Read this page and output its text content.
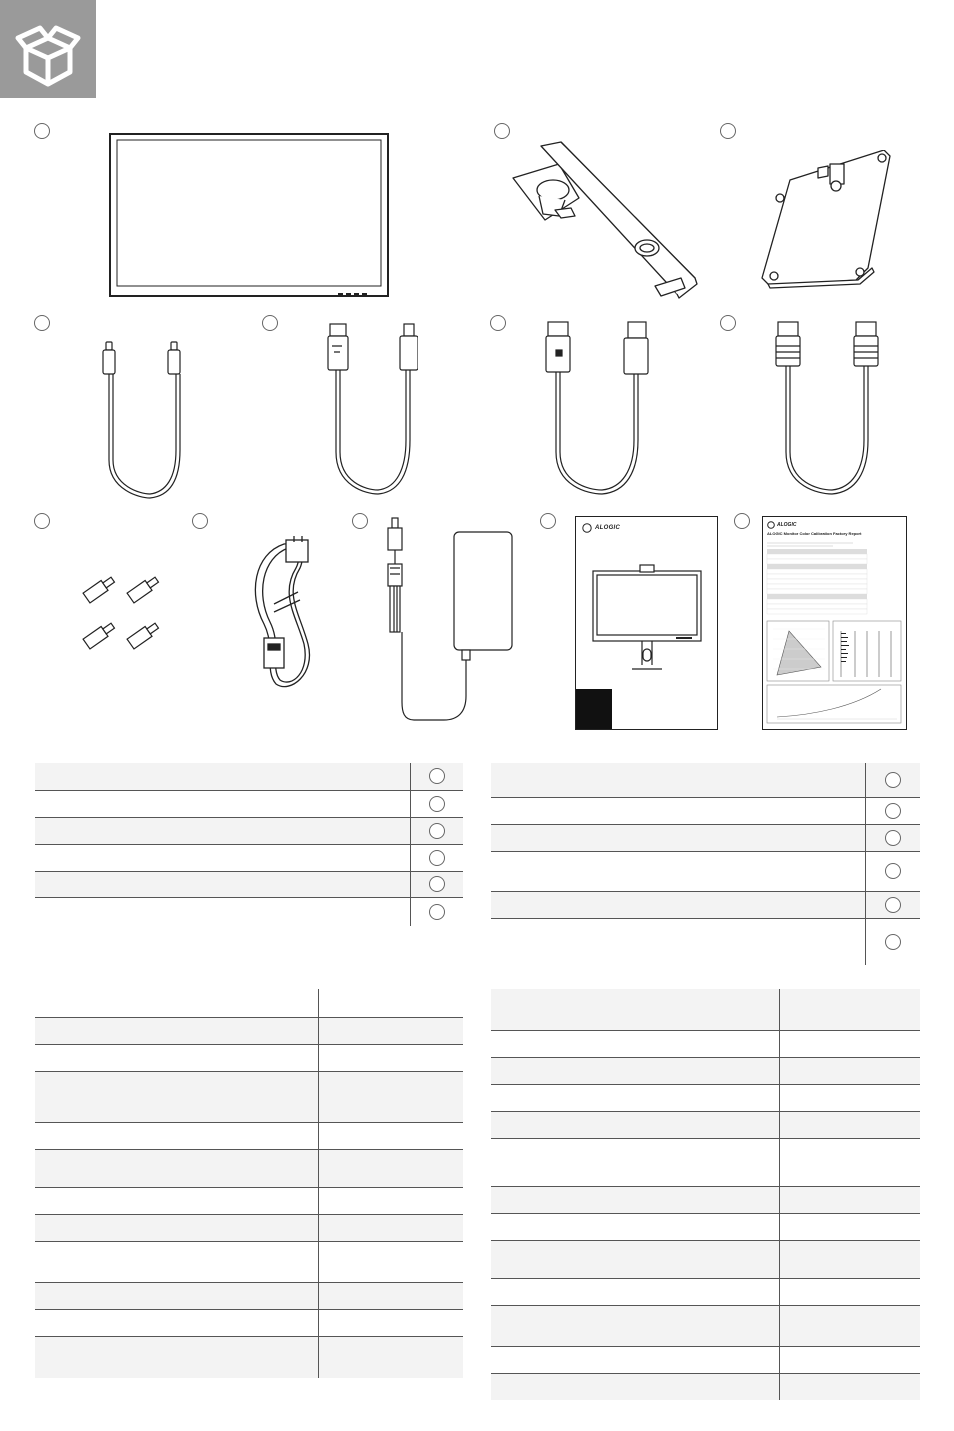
ALOGIC	ALOGIC
ALOGIC Monitor Color Calibration Factory Report
